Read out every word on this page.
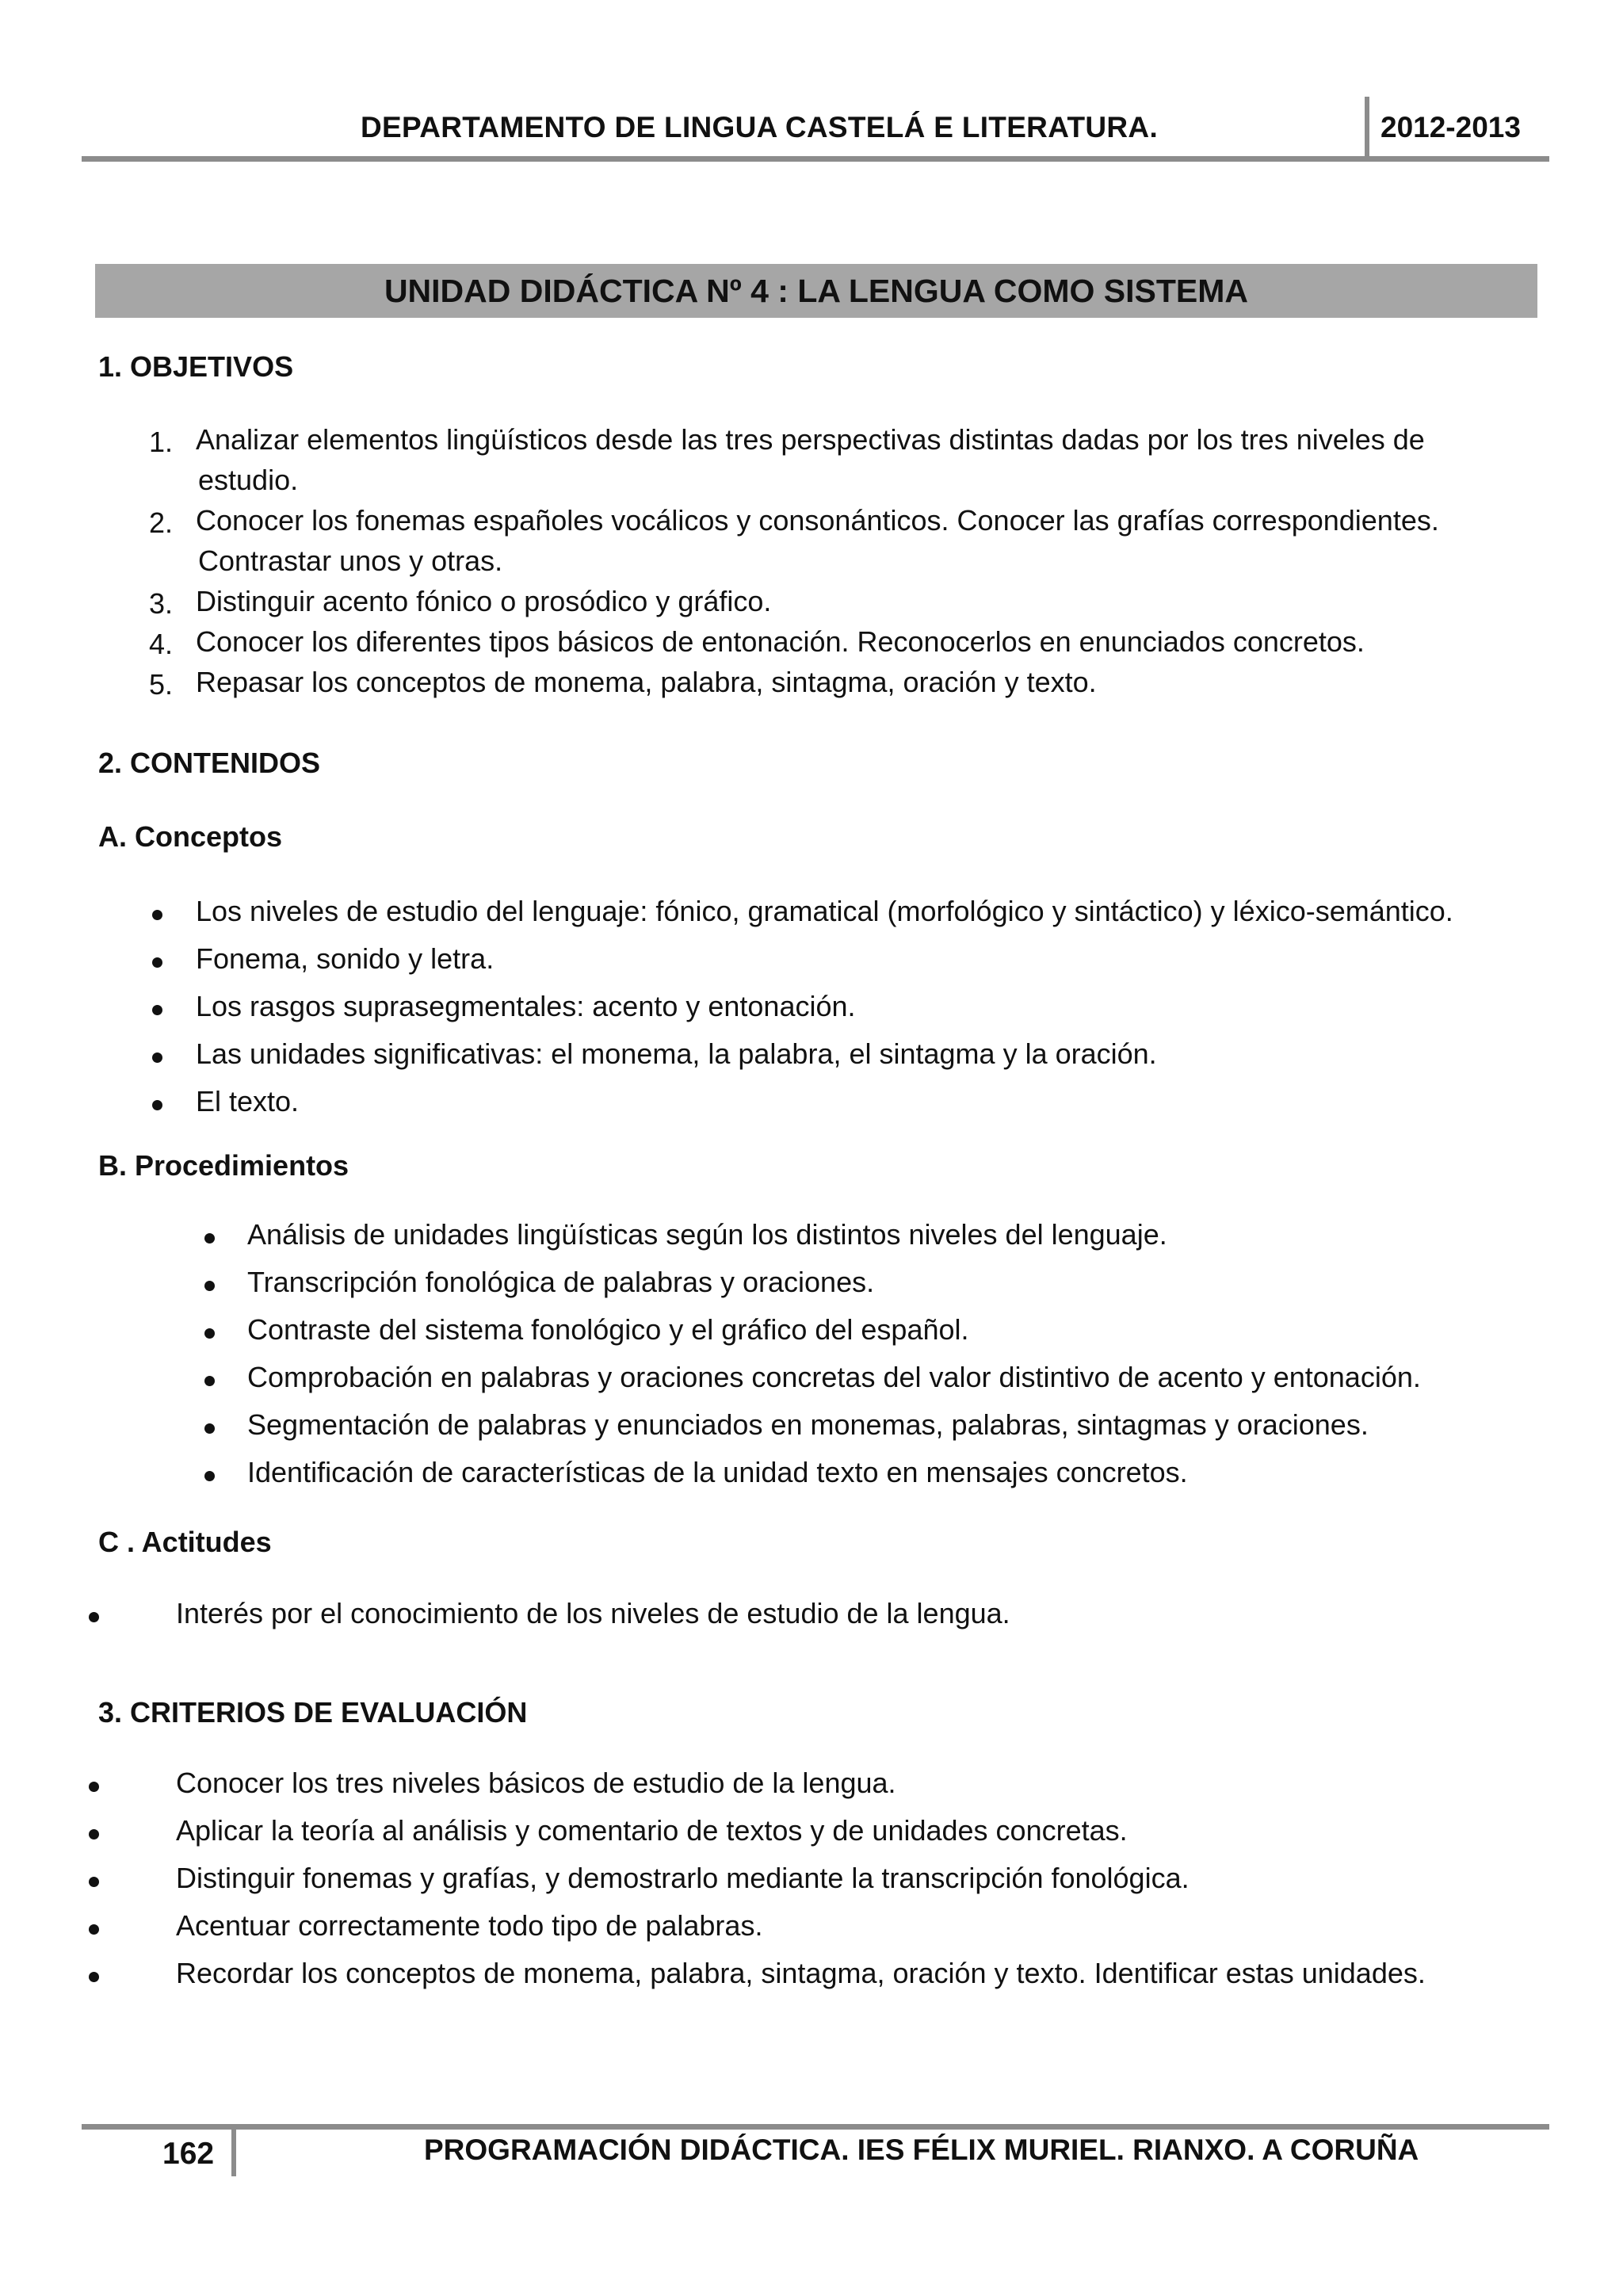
DEPARTAMENTO DE LINGUA CASTELÁ E LITERATURA.	2012-2013
UNIDAD DIDÁCTICA Nº 4 : LA LENGUA COMO SISTEMA
1. OBJETIVOS
1. Analizar elementos lingüísticos desde las tres perspectivas distintas dadas por los tres niveles de
estudio.
2. Conocer los fonemas españoles vocálicos y consonánticos. Conocer las grafías correspondientes.
Contrastar unos y otras.
3. Distinguir acento fónico o prosódico y gráfico.
4. Conocer los diferentes tipos básicos de entonación. Reconocerlos en enunciados concretos.
5. Repasar los conceptos de monema, palabra, sintagma, oración y texto.
2. CONTENIDOS
A. Conceptos
Los niveles de estudio del lenguaje: fónico, gramatical (morfológico y sintáctico) y léxico-semántico.
Fonema, sonido y letra.
Los rasgos suprasegmentales: acento y entonación.
Las unidades significativas: el monema, la palabra, el sintagma y la oración.
El texto.
B. Procedimientos
Análisis de unidades lingüísticas según los distintos niveles del lenguaje.
Transcripción fonológica de palabras y oraciones.
Contraste del sistema fonológico y el gráfico del español.
Comprobación en palabras y oraciones concretas del valor distintivo de acento y entonación.
Segmentación de palabras y enunciados en monemas, palabras, sintagmas y oraciones.
Identificación de características de la unidad texto en mensajes concretos.
C . Actitudes
Interés por el conocimiento de los niveles de estudio de la lengua.
3. CRITERIOS DE EVALUACIÓN
Conocer los tres niveles básicos de estudio de la lengua.
Aplicar la teoría al análisis y comentario de textos y de unidades concretas.
Distinguir fonemas y grafías, y demostrarlo mediante la transcripción fonológica.
Acentuar correctamente todo tipo de palabras.
Recordar los conceptos de monema, palabra, sintagma, oración y texto. Identificar estas unidades.
162	PROGRAMACIÓN DIDÁCTICA. IES FÉLIX MURIEL. RIANXO. A CORUÑA
